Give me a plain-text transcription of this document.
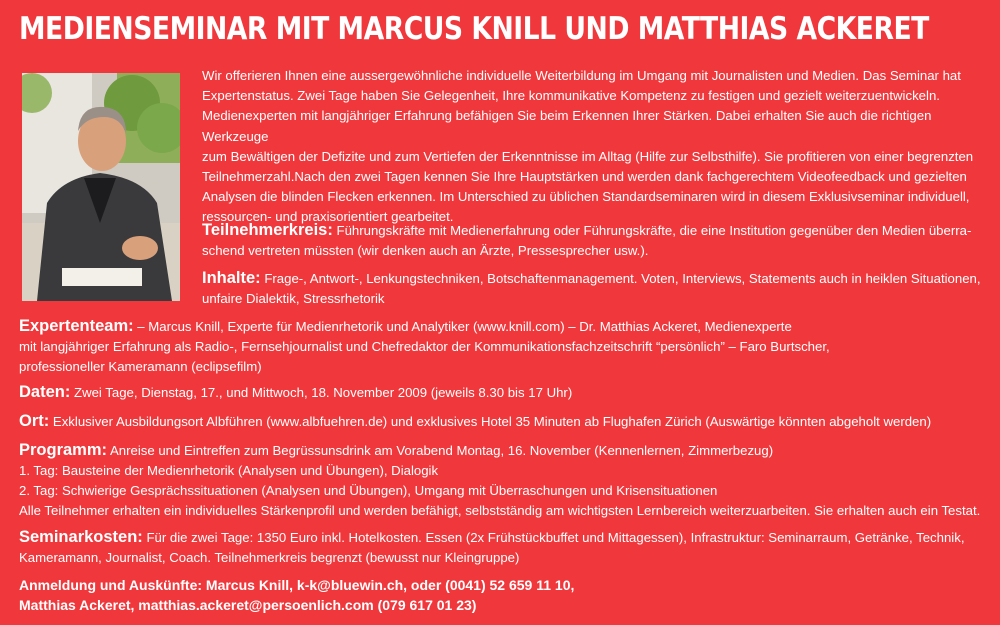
MEDIENSEMINAR MIT MARCUS KNILL UND MATTHIAS ACKERET
Wir offerieren Ihnen eine aussergewöhnliche individuelle Weiterbildung im Umgang mit Journalisten und Medien. Das Seminar hat
Expertenstatus. Zwei Tage haben Sie Gelegenheit, Ihre kommunikative Kompetenz zu festigen und gezielt weiterzuentwickeln.
Medienexperten mit langjähriger Erfahrung befähigen Sie beim Erkennen Ihrer Stärken. Dabei erhalten Sie auch die richtigen Werkzeuge
zum Bewältigen der Defizite und zum Vertiefen der Erkenntnisse im Alltag (Hilfe zur Selbsthilfe). Sie profitieren von einer begrenzten
Teilnehmerzahl.Nach den zwei Tagen kennen Sie Ihre Hauptstärken und werden dank fachgerechtem Videofeedback und gezielten
Analysen die blinden Flecken erkennen. Im Unterschied zu üblichen Standardseminaren wird in diesem Exklusivseminar individuell,
ressourcen- und praxisorientiert gearbeitet.
Teilnehmerkreis: Führungskräfte mit Medienerfahrung oder Führungskräfte, die eine Institution gegenüber den Medien überra-
schend vertreten müssten (wir denken auch an Ärzte, Pressesprecher usw.).
Inhalte: Frage-, Antwort-, Lenkungstechniken, Botschaftenmanagement. Voten, Interviews, Statements auch in heiklen Situationen,
unfaire Dialektik, Stressrhetorik
Expertenteam: – Marcus Knill, Experte für Medienrhetorik und Analytiker (www.knill.com) – Dr. Matthias Ackeret, Medienexperte
mit langjähriger Erfahrung als Radio-, Fernsehjournalist und Chefredaktor der Kommunikationsfachzeitschrift “persönlich” – Faro Burtscher,
professioneller Kameramann (eclipsefilm)
Daten: Zwei Tage, Dienstag, 17., und Mittwoch, 18. November 2009 (jeweils 8.30 bis 17 Uhr)
Ort: Exklusiver Ausbildungsort Albführen (www.albfuehren.de) und exklusives Hotel 35 Minuten ab Flughafen Zürich (Auswärtige könnten abgeholt werden)
Programm: Anreise und Eintreffen zum Begrüssunsdrink am Vorabend Montag, 16. November (Kennenlernen, Zimmerbezug)
1. Tag: Bausteine der Medienrhetorik (Analysen und Übungen), Dialogik
2. Tag: Schwierige Gesprächssituationen (Analysen und Übungen), Umgang mit Überraschungen und Krisensituationen
Alle Teilnehmer erhalten ein individuelles Stärkenprofil und werden befähigt, selbstständig am wichtigsten Lernbereich weiterzuarbeiten. Sie erhalten auch ein Testat.
Seminarkosten: Für die zwei Tage: 1350 Euro inkl. Hotelkosten. Essen (2x Frühstückbuffet und Mittagessen), Infrastruktur: Seminarraum, Getränke, Technik,
Kameramann, Journalist, Coach. Teilnehmerkreis begrenzt (bewusst nur Kleingruppe)
Anmeldung und Auskünfte: Marcus Knill, k-k@bluewin.ch, oder (0041) 52 659 11 10,
Matthias Ackeret, matthias.ackeret@persoenlich.com (079 617 01 23)
